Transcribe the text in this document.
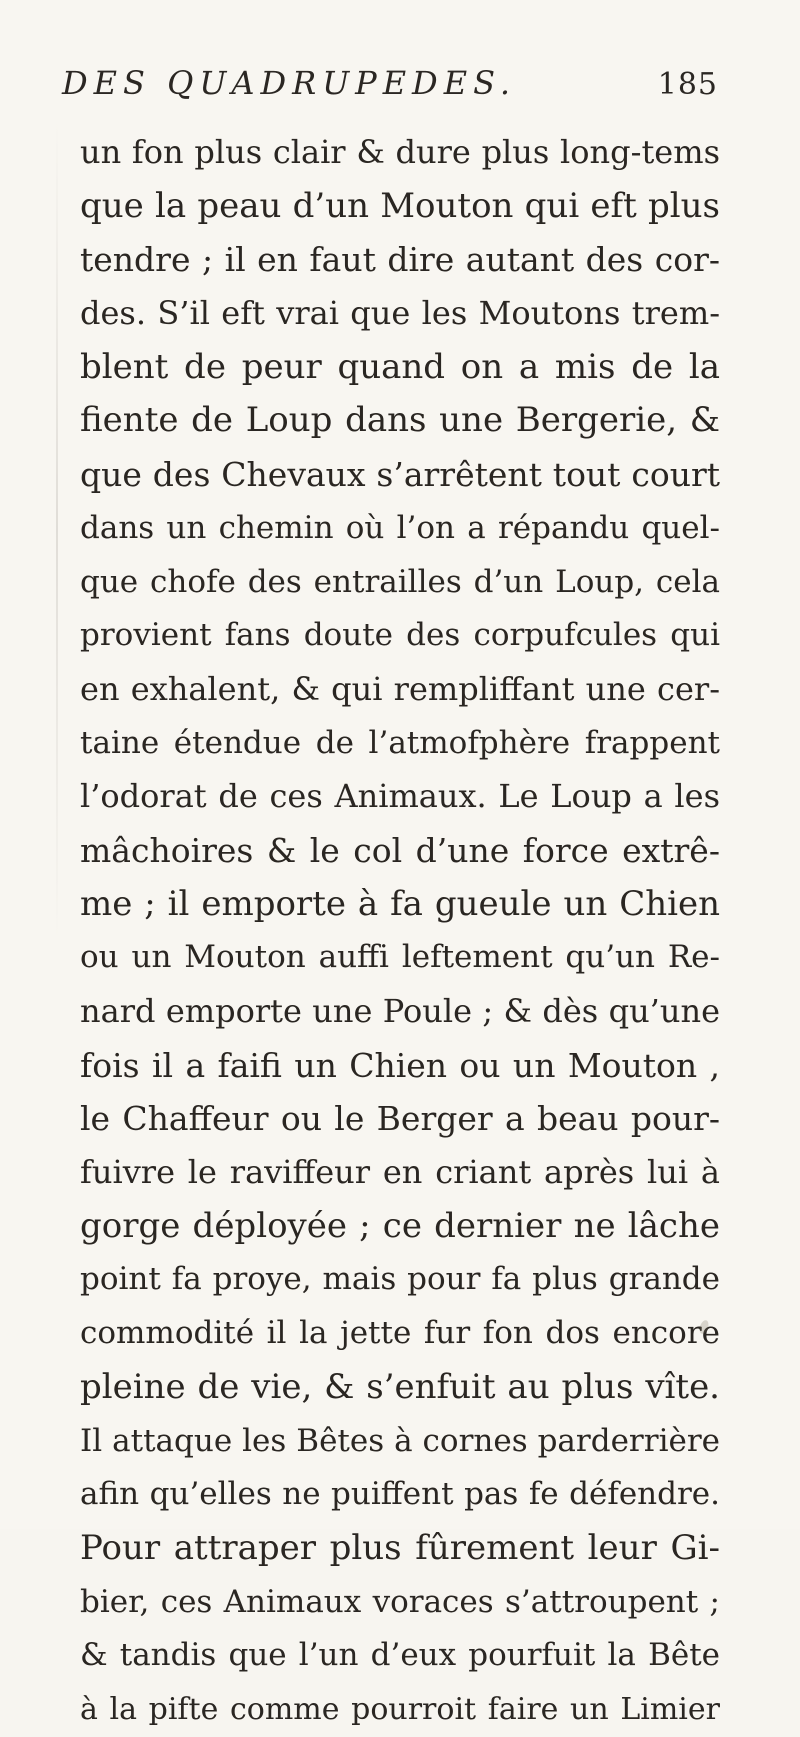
DES QUADRUPEDES.	185
un fon plus clair & dure plus long-tems
que la peau d’un Mouton qui eft plus
tendre ; il en faut dire autant des cor-
des. S’il eft vrai que les Moutons trem-
blent de peur quand on a mis de la
fiente de Loup dans une Bergerie, &
que des Chevaux s’arrêtent tout court
dans un chemin où l’on a répandu quel-
que chofe des entrailles d’un Loup, cela
provient fans doute des corpufcules qui
en exhalent, & qui rempliffant une cer-
taine étendue de l’atmofphère frappent
l’odorat de ces Animaux. Le Loup a les
mâchoires & le col d’une force extrê-
me ; il emporte à fa gueule un Chien
ou un Mouton auffi leftement qu’un Re-
nard emporte une Poule ; & dès qu’une
fois il a faifi un Chien ou un Mouton ,
le Chaffeur ou le Berger a beau pour-
fuivre le raviffeur en criant après lui à
gorge déployée ; ce dernier ne lâche
point fa proye, mais pour fa plus grande
commodité il la jette fur fon dos encore
pleine de vie, & s’enfuit au plus vîte.
Il attaque les Bêtes à cornes parderrière
afin qu’elles ne puiffent pas fe défendre.
Pour attraper plus fûrement leur Gi-
bier, ces Animaux voraces s’attroupent ;
& tandis que l’un d’eux pourfuit la Bête
à la pifte comme pourroit faire un Limier
